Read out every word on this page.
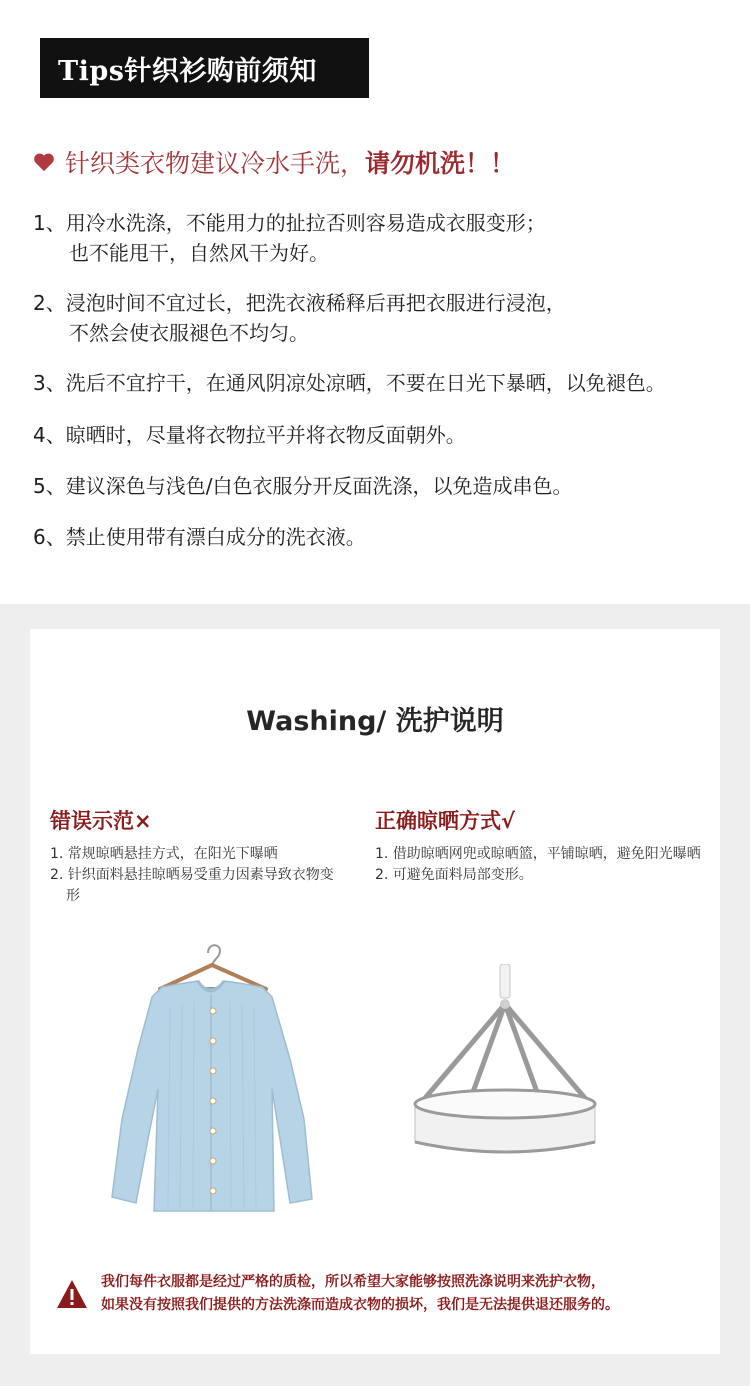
Tips针织衫购前须知
针织类衣物建议冷水手洗， 请勿机洗！！
1、用冷水洗涤，不能用力的扯拉否则容易造成衣服变形；
也不能甩干，自然风干为好。
2、浸泡时间不宜过长，把洗衣液稀释后再把衣服进行浸泡，
不然会使衣服褪色不均匀。
3、洗后不宜拧干，在通风阴凉处凉晒，不要在日光下暴晒，以免褪色。
4、晾晒时，尽量将衣物拉平并将衣物反面朝外。
5、建议深色与浅色/白色衣服分开反面洗涤，以免造成串色。
6、禁止使用带有漂白成分的洗衣液。
Washing/ 洗护说明
错误示范×
1. 常规晾晒悬挂方式，在阳光下曝晒
2. 针织面料悬挂晾晒易受重力因素导致衣物变形
正确晾晒方式√
1. 借助晾晒网兜或晾晒篮，平铺晾晒，避免阳光曝晒
2. 可避免面料局部变形。
我们每件衣服都是经过严格的质检，所以希望大家能够按照洗涤说明来洗护衣物，
如果没有按照我们提供的方法洗涤而造成衣物的损坏，我们是无法提供退还服务的。
